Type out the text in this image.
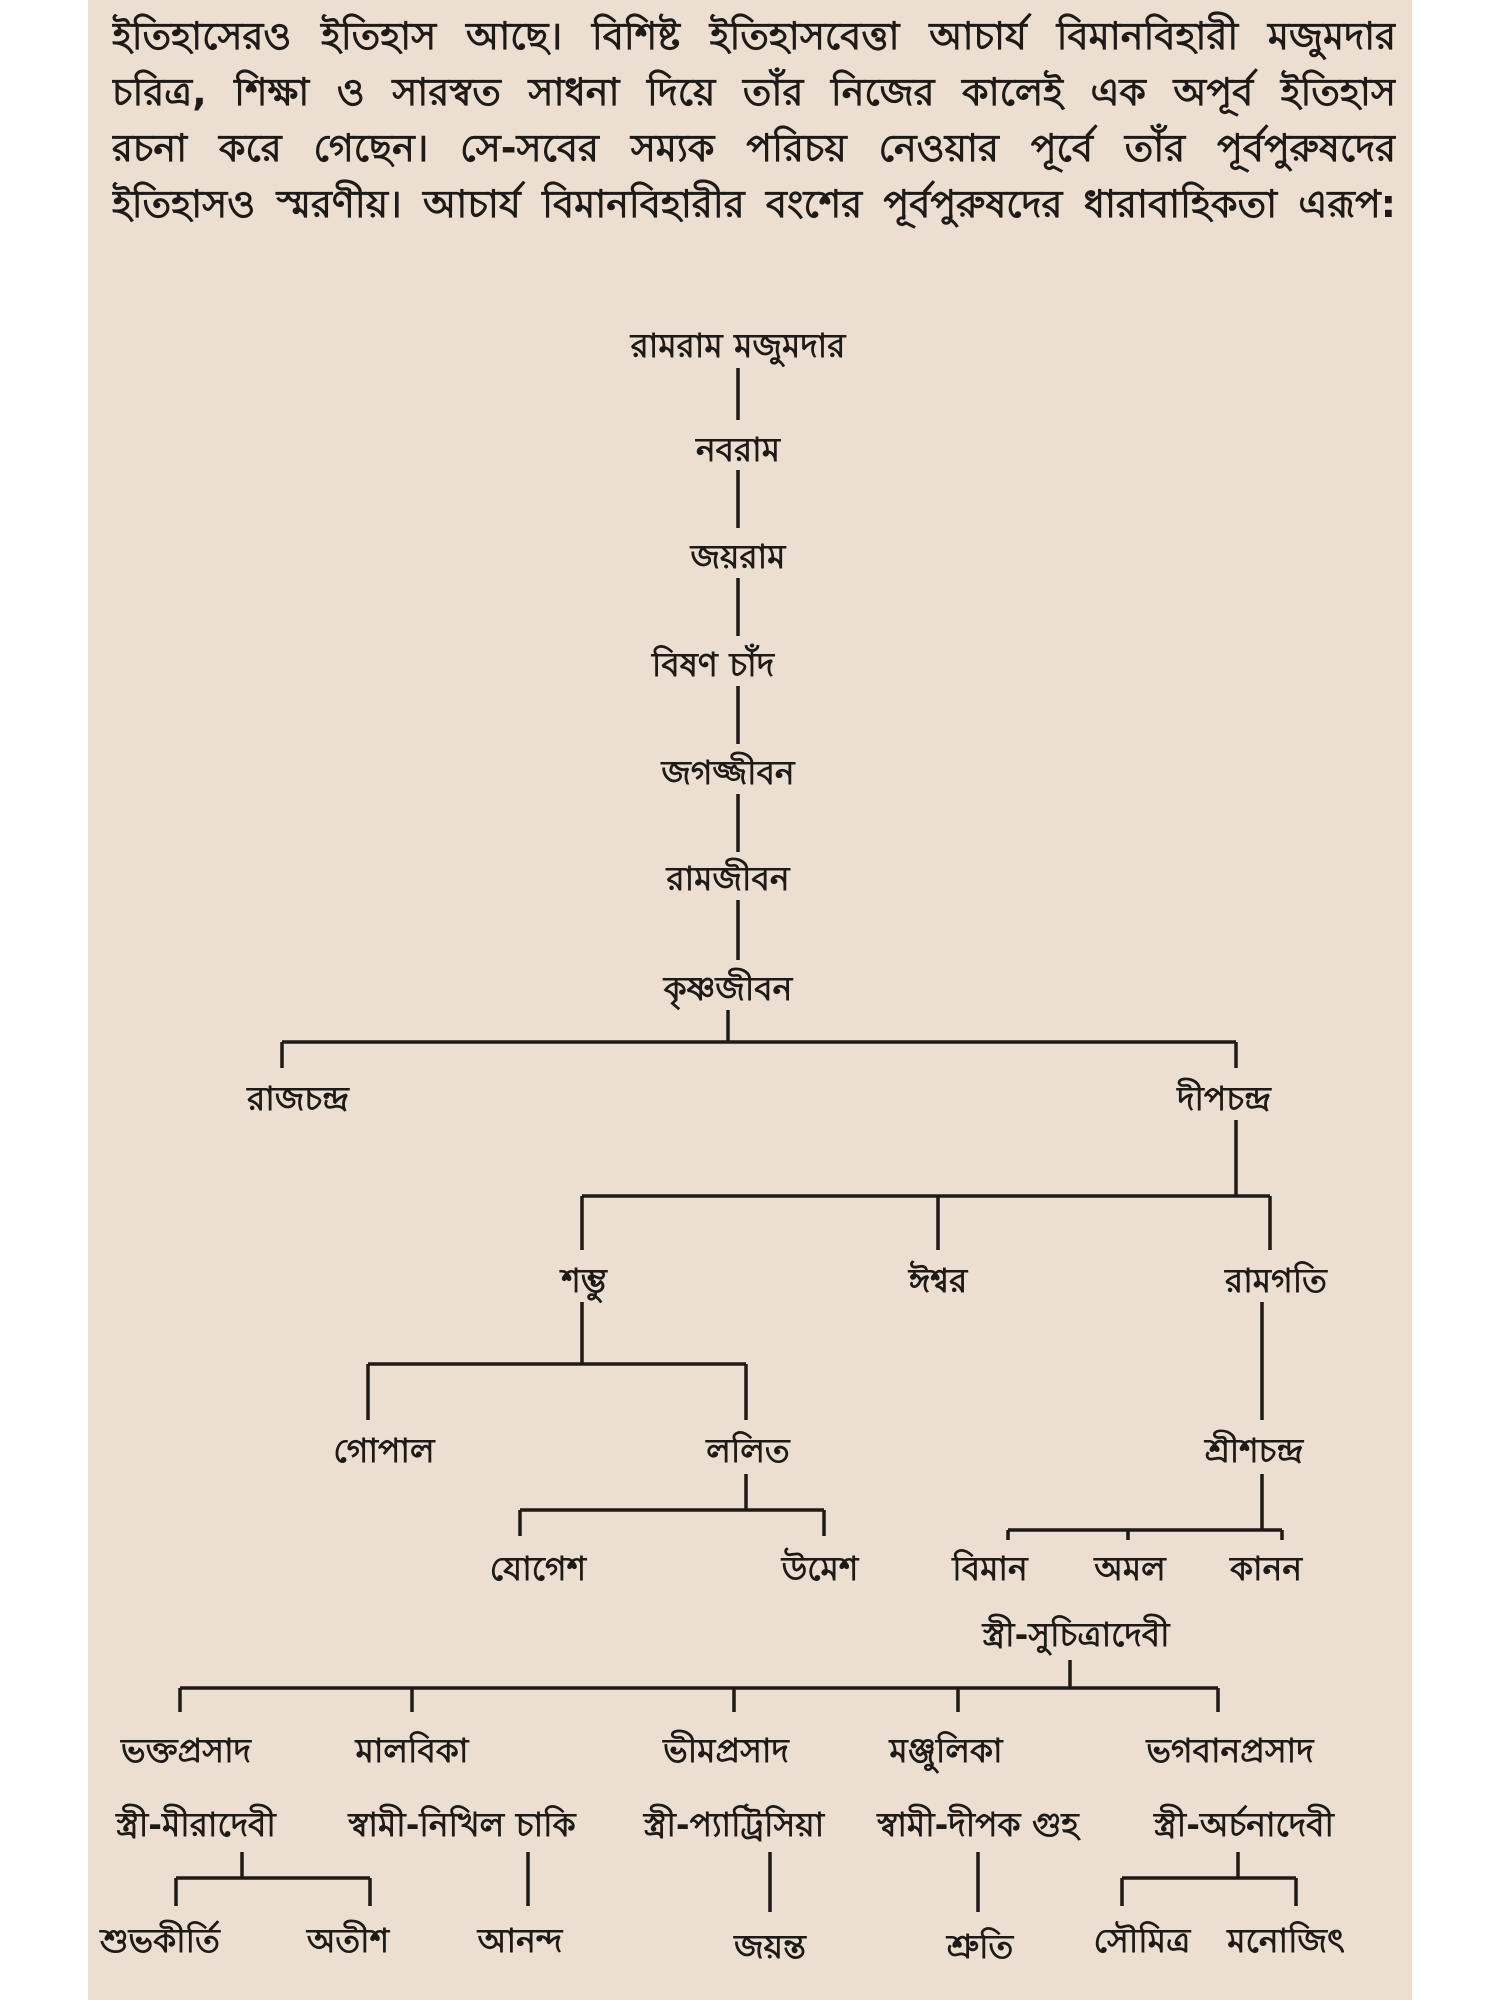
ইতিহাসেরও ইতিহাস আছে। বিশিষ্ট ইতিহাসবেত্তা আচার্য বিমানবিহারী মজুমদার
চরিত্র, শিক্ষা ও সারস্বত সাধনা দিয়ে তাঁর নিজের কালেই এক অপূর্ব ইতিহাস
রচনা করে গেছেন। সে-সবের সম্যক পরিচয় নেওয়ার পূর্বে তাঁর পূর্বপুরুষদের
ইতিহাসও স্মরণীয়। আচার্য বিমানবিহারীর বংশের পূর্বপুরুষদের ধারাবাহিকতা এরূপ:
রামরাম মজুমদার
নবরাম
জয়রাম
বিষণ চাঁদ
জগজ্জীবন
রামজীবন
কৃষ্ণজীবন
রাজচন্দ্র	দীপচন্দ্র
শম্ভু	ঈশ্বর	রামগতি
গোপাল	ললিত	শ্রীশচন্দ্র
যোগেশ	উমেশ	বিমান অমল কানন
স্ত্রী-সুচিত্রাদেবী
ভক্তপ্রসাদ	মালবিকা	ভীমপ্রসাদ	মঞ্জুলিকা	ভগবানপ্রসাদ
স্ত্রী-মীরাদেবী স্বামী-নিখিল চাকি স্ত্রী-প্যাট্রিসিয়া স্বামী-দীপক গুহ স্ত্রী-অর্চনাদেবী
শুভকীর্তি	অতীশ	আনন্দ	জয়ন্ত	শ্রুতি সৌমিত্র মনোজিৎ
